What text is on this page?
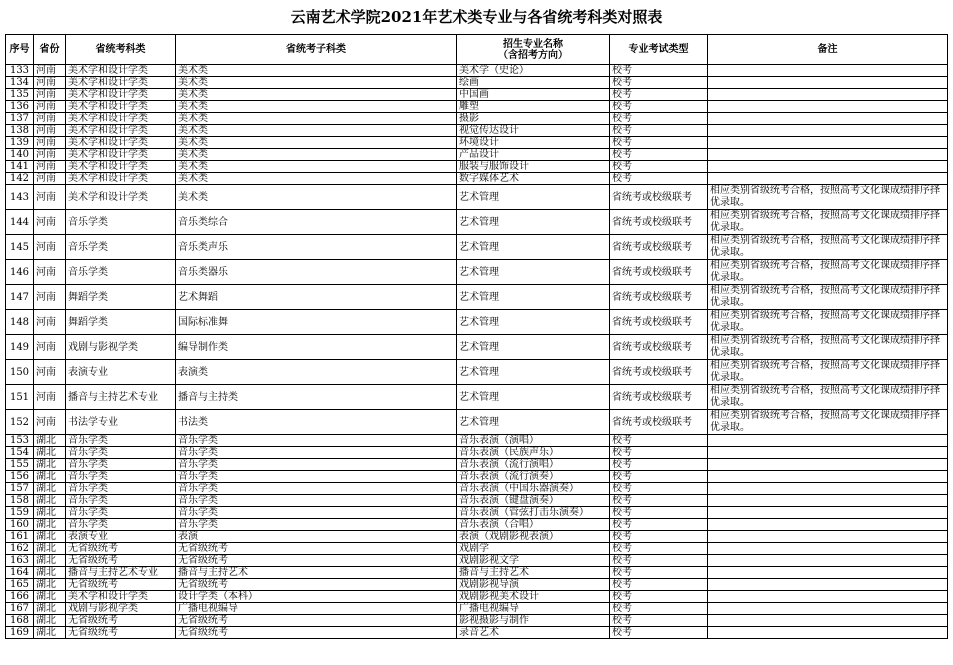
云南艺术学院2021年艺术类专业与各省统考科类对照表
序号	省份	省统考科类	省统考子科类	招生专业名称
（含招考方向）	专业考试类型	备注
133	河南	美术学和设计学类	美术类	美术学（史论）	校考	
134	河南	美术学和设计学类	美术类	绘画	校考	
135	河南	美术学和设计学类	美术类	中国画	校考	
136	河南	美术学和设计学类	美术类	雕塑	校考	
137	河南	美术学和设计学类	美术类	摄影	校考	
138	河南	美术学和设计学类	美术类	视觉传达设计	校考	
139	河南	美术学和设计学类	美术类	环境设计	校考	
140	河南	美术学和设计学类	美术类	产品设计	校考	
141	河南	美术学和设计学类	美术类	服装与服饰设计	校考	
142	河南	美术学和设计学类	美术类	数字媒体艺术	校考	
143	河南	美术学和设计学类	美术类	艺术管理	省统考或校级联考	相应类别省级统考合格，按照高考文化课成绩排序择优录取。
144	河南	音乐学类	音乐类综合	艺术管理	省统考或校级联考	相应类别省级统考合格，按照高考文化课成绩排序择优录取。
145	河南	音乐学类	音乐类声乐	艺术管理	省统考或校级联考	相应类别省级统考合格，按照高考文化课成绩排序择优录取。
146	河南	音乐学类	音乐类器乐	艺术管理	省统考或校级联考	相应类别省级统考合格，按照高考文化课成绩排序择优录取。
147	河南	舞蹈学类	艺术舞蹈	艺术管理	省统考或校级联考	相应类别省级统考合格，按照高考文化课成绩排序择优录取。
148	河南	舞蹈学类	国际标准舞	艺术管理	省统考或校级联考	相应类别省级统考合格，按照高考文化课成绩排序择优录取。
149	河南	戏剧与影视学类	编导制作类	艺术管理	省统考或校级联考	相应类别省级统考合格，按照高考文化课成绩排序择优录取。
150	河南	表演专业	表演类	艺术管理	省统考或校级联考	相应类别省级统考合格，按照高考文化课成绩排序择优录取。
151	河南	播音与主持艺术专业	播音与主持类	艺术管理	省统考或校级联考	相应类别省级统考合格，按照高考文化课成绩排序择优录取。
152	河南	书法学专业	书法类	艺术管理	省统考或校级联考	相应类别省级统考合格，按照高考文化课成绩排序择优录取。
153	湖北	音乐学类	音乐学类	音乐表演（演唱）	校考	
154	湖北	音乐学类	音乐学类	音乐表演（民族声乐）	校考	
155	湖北	音乐学类	音乐学类	音乐表演（流行演唱）	校考	
156	湖北	音乐学类	音乐学类	音乐表演（流行演奏）	校考	
157	湖北	音乐学类	音乐学类	音乐表演（中国乐器演奏）	校考	
158	湖北	音乐学类	音乐学类	音乐表演（键盘演奏）	校考	
159	湖北	音乐学类	音乐学类	音乐表演（管弦打击乐演奏）	校考	
160	湖北	音乐学类	音乐学类	音乐表演（合唱）	校考	
161	湖北	表演专业	表演	表演（戏剧影视表演）	校考	
162	湖北	无省级统考	无省级统考	戏剧学	校考	
163	湖北	无省级统考	无省级统考	戏剧影视文学	校考	
164	湖北	播音与主持艺术专业	播音与主持艺术	播音与主持艺术	校考	
165	湖北	无省级统考	无省级统考	戏剧影视导演	校考	
166	湖北	美术学和设计学类	设计学类（本科）	戏剧影视美术设计	校考	
167	湖北	戏剧与影视学类	广播电视编导	广播电视编导	校考	
168	湖北	无省级统考	无省级统考	影视摄影与制作	校考	
169	湖北	无省级统考	无省级统考	录音艺术	校考	
